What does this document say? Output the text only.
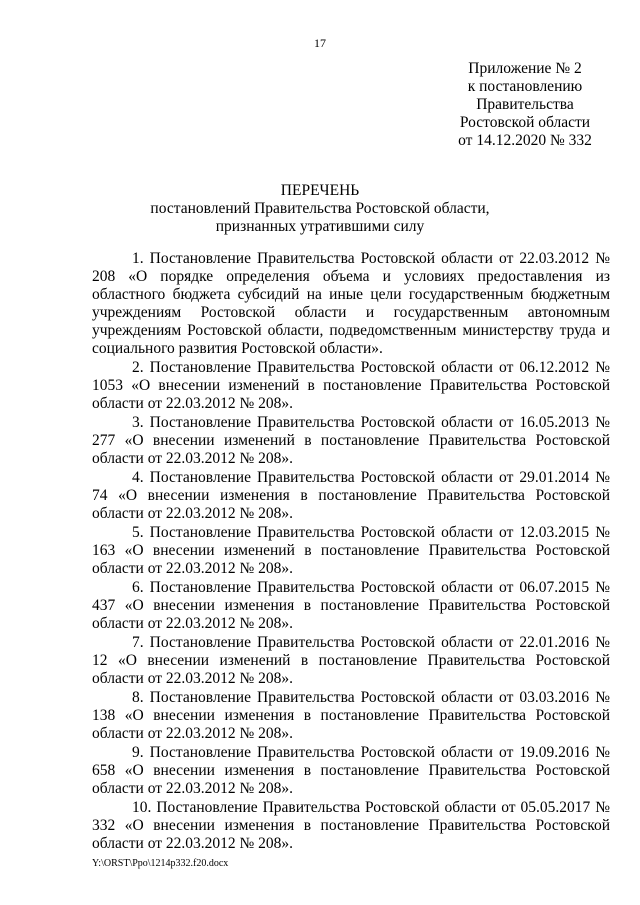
17
Приложение № 2
к постановлению
Правительства
Ростовской области
от 14.12.2020 № 332
ПЕРЕЧЕНЬ
постановлений Правительства Ростовской области,
признанных утратившими силу
1. Постановление Правительства Ростовской области от 22.03.2012 № 208 «О порядке определения объема и условиях предоставления из областного бюджета субсидий на иные цели государственным бюджетным учреждениям Ростовской области и государственным автономным учреждениям Ростовской области, подведомственным министерству труда и социального развития Ростовской области».
2. Постановление Правительства Ростовской области от 06.12.2012 № 1053 «О внесении изменений в постановление Правительства Ростовской области от 22.03.2012 № 208».
3. Постановление Правительства Ростовской области от 16.05.2013 № 277 «О внесении изменений в постановление Правительства Ростовской области от 22.03.2012 № 208».
4. Постановление Правительства Ростовской области от 29.01.2014 № 74 «О внесении изменения в постановление Правительства Ростовской области от 22.03.2012 № 208».
5. Постановление Правительства Ростовской области от 12.03.2015 № 163 «О внесении изменений в постановление Правительства Ростовской области от 22.03.2012 № 208».
6. Постановление Правительства Ростовской области от 06.07.2015 № 437 «О внесении изменения в постановление Правительства Ростовской области от 22.03.2012 № 208».
7. Постановление Правительства Ростовской области от 22.01.2016 № 12 «О внесении изменений в постановление Правительства Ростовской области от 22.03.2012 № 208».
8. Постановление Правительства Ростовской области от 03.03.2016 № 138 «О внесении изменения в постановление Правительства Ростовской области от 22.03.2012 № 208».
9. Постановление Правительства Ростовской области от 19.09.2016 № 658 «О внесении изменения в постановление Правительства Ростовской области от 22.03.2012 № 208».
10. Постановление Правительства Ростовской области от 05.05.2017 № 332 «О внесении изменения в постановление Правительства Ростовской области от 22.03.2012 № 208».
Y:\ORST\Ppo\1214p332.f20.docx
